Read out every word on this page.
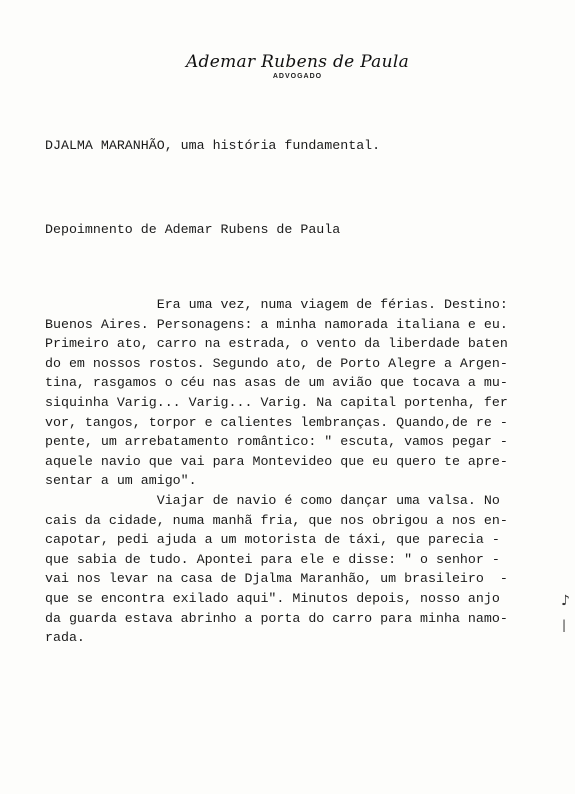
Ademar Rubens de Paula
ADVOGADO
DJALMA MARANHÃO, uma história fundamental.
Depoimnento de Ademar Rubens de Paula
Era uma vez, numa viagem de férias. Destino:
Buenos Aires. Personagens: a minha namorada italiana e eu.
Primeiro ato, carro na estrada, o vento da liberdade baten
do em nossos rostos. Segundo ato, de Porto Alegre a Argen-
tina, rasgamos o céu nas asas de um avião que tocava a mu-
siquinha Varig... Varig... Varig. Na capital portenha, fer
vor, tangos, torpor e calientes lembranças. Quando,de re -
pente, um arrebatamento romântico: " escuta, vamos pegar -
aquele navio que vai para Montevideo que eu quero te apre-
sentar a um amigo".
Viajar de navio é como dançar uma valsa. No
cais da cidade, numa manhã fria, que nos obrigou a nos en-
capotar, pedi ajuda a um motorista de táxi, que parecia -
que sabia de tudo. Apontei para ele e disse: " o senhor -
vai nos levar na casa de Djalma Maranhão, um brasileiro  -
que se encontra exilado aqui". Minutos depois, nosso anjo
da guarda estava abrinho a porta do carro para minha namo-
rada.
♪
|
